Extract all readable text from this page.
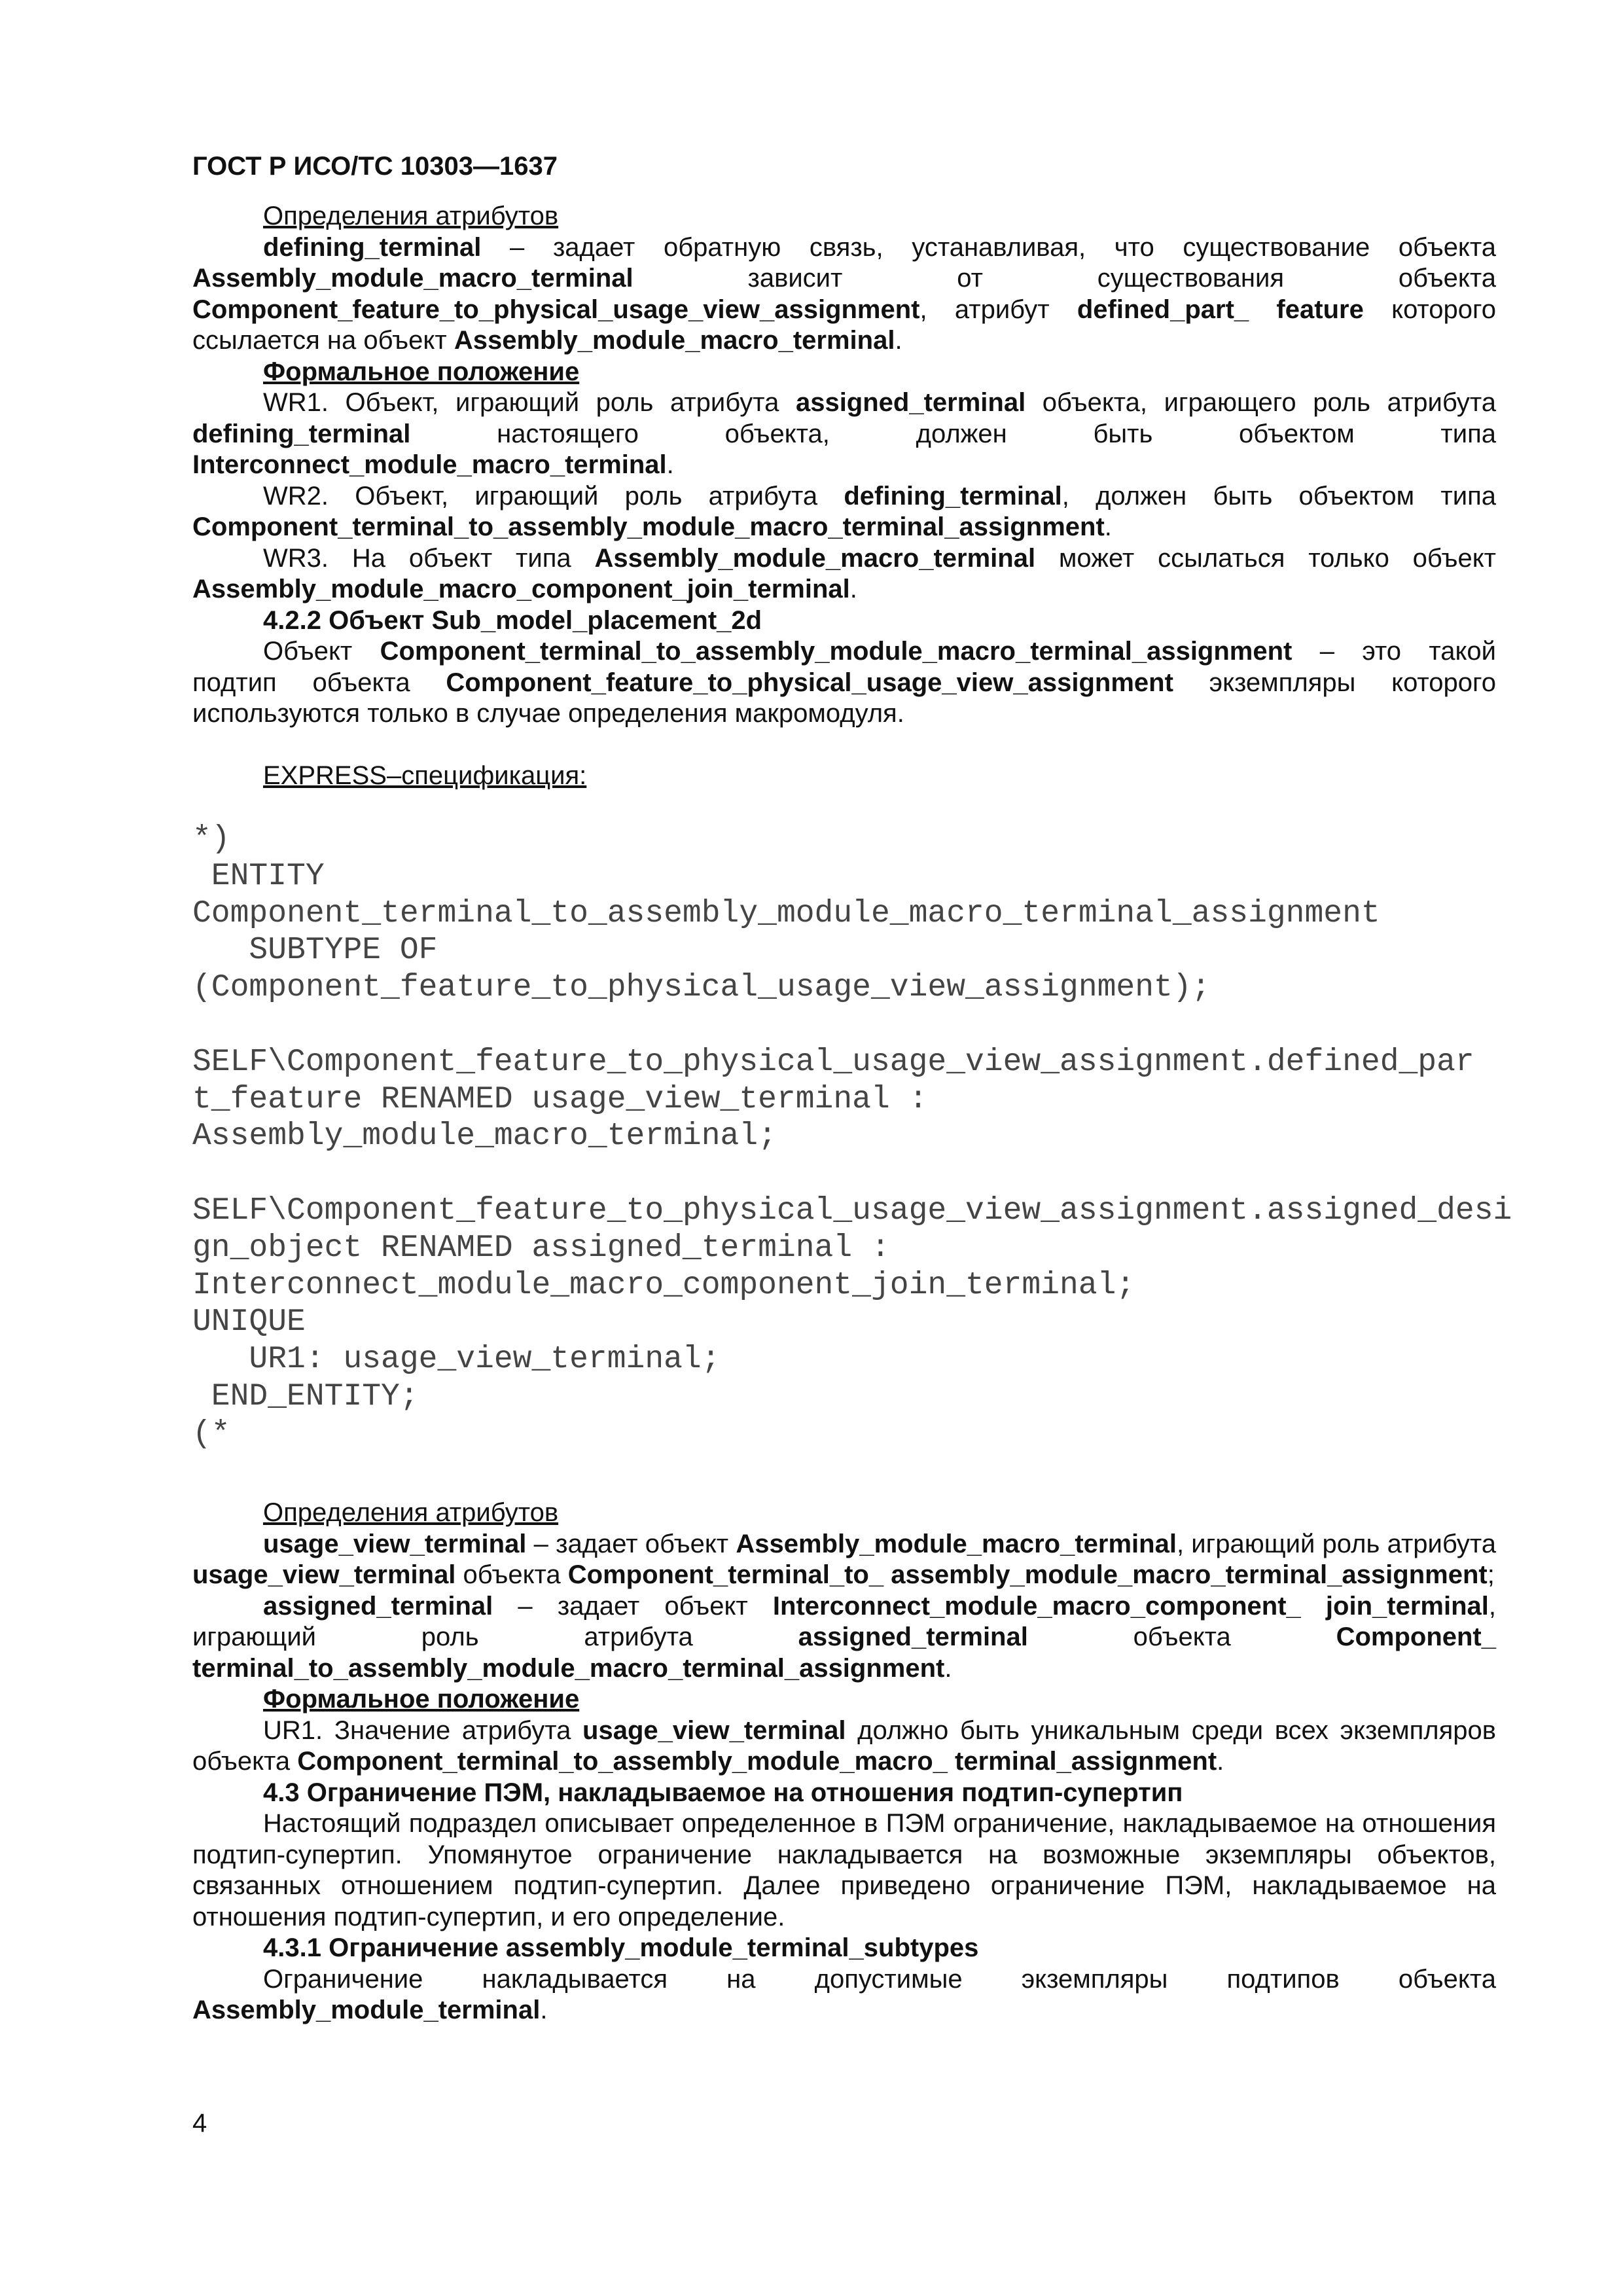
ГОСТ Р ИСО/ТС 10303—1637

Определения атрибутов

defining_terminal – задает обратную связь, устанавливая, что существование объекта Assembly_module_macro_terminal зависит от существования объекта Component_feature_to_physical_usage_view_assignment, атрибут defined_part_ feature которого ссылается на объект Assembly_module_macro_terminal.

Формальное положение

WR1. Объект, играющий роль атрибута assigned_terminal объекта, играющего роль атрибута defining_terminal настоящего объекта, должен быть объектом типа Interconnect_module_macro_terminal.

WR2. Объект, играющий роль атрибута defining_terminal, должен быть объектом типа Component_terminal_to_assembly_module_macro_terminal_assignment.

WR3. На объект типа Assembly_module_macro_terminal может ссылаться только объект Assembly_module_macro_component_join_terminal.

4.2.2 Объект Sub_model_placement_2d

Объект Component_terminal_to_assembly_module_macro_terminal_assignment – это такой подтип объекта Component_feature_to_physical_usage_view_assignment экземпляры которого используются только в случае определения макромодуля.

EXPRESS–спецификация:

*)
ENTITY
Component_terminal_to_assembly_module_macro_terminal_assignment
SUBTYPE OF
(Component_feature_to_physical_usage_view_assignment);

SELF\Component_feature_to_physical_usage_view_assignment.defined_par
t_feature RENAMED usage_view_terminal :
Assembly_module_macro_terminal;

SELF\Component_feature_to_physical_usage_view_assignment.assigned_desi
gn_object RENAMED assigned_terminal :
Interconnect_module_macro_component_join_terminal;
UNIQUE
UR1: usage_view_terminal;
END_ENTITY;
(*

Определения атрибутов

usage_view_terminal – задает объект Assembly_module_macro_terminal, играющий роль атрибута usage_view_terminal объекта Component_terminal_to_ assembly_module_macro_terminal_assignment;

assigned_terminal – задает объект Interconnect_module_macro_component_ join_terminal, играющий роль атрибута assigned_terminal объекта Component_ terminal_to_assembly_module_macro_terminal_assignment.

Формальное положение

UR1. Значение атрибута usage_view_terminal должно быть уникальным среди всех экземпляров объекта Component_terminal_to_assembly_module_macro_ terminal_assignment.

4.3 Ограничение ПЭМ, накладываемое на отношения подтип-супертип

Настоящий подраздел описывает определенное в ПЭМ ограничение, накладываемое на отношения подтип-супертип. Упомянутое ограничение накладывается на возможные экземпляры объектов, связанных отношением подтип-супертип. Далее приведено ограничение ПЭМ, накладываемое на отношения подтип-супертип, и его определение.

4.3.1 Ограничение assembly_module_terminal_subtypes

Ограничение накладывается на допустимые экземпляры подтипов объекта Assembly_module_terminal.

4
